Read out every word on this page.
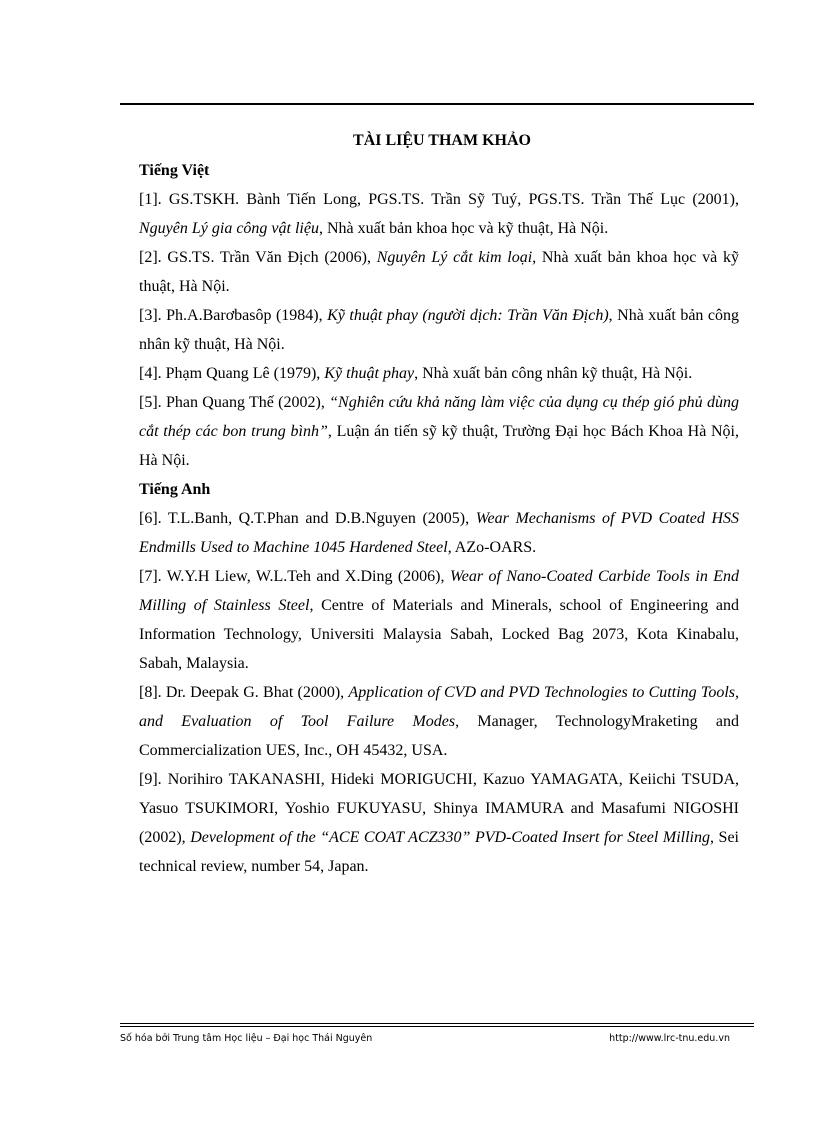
TÀI LIỆU THAM KHẢO
Tiếng Việt
[1]. GS.TSKH. Bành Tiến Long, PGS.TS. Trần Sỹ Tuý, PGS.TS. Trần Thế Lục (2001), Nguyên Lý gia công vật liệu, Nhà xuất bản khoa học và kỹ thuật, Hà Nội.
[2]. GS.TS. Trần Văn Địch (2006), Nguyên Lý cắt kim loại, Nhà xuất bản khoa học và kỹ thuật, Hà Nội.
[3]. Ph.A.Barơbasôp (1984), Kỹ thuật phay (người dịch: Trần Văn Địch), Nhà xuất bản công nhân kỹ thuật, Hà Nội.
[4]. Phạm Quang Lê (1979), Kỹ thuật phay, Nhà xuất bản công nhân kỹ thuật, Hà Nội.
[5]. Phan Quang Thế (2002), “Nghiên cứu khả năng làm việc của dụng cụ thép gió phủ dùng cắt thép các bon trung bình”, Luận án tiến sỹ kỹ thuật, Trường Đại học Bách Khoa Hà Nội, Hà Nội.
Tiếng Anh
[6]. T.L.Banh, Q.T.Phan and D.B.Nguyen (2005), Wear Mechanisms of PVD Coated HSS Endmills Used to Machine 1045 Hardened Steel, AZo-OARS.
[7]. W.Y.H Liew, W.L.Teh and X.Ding (2006), Wear of Nano-Coated Carbide Tools in End Milling of Stainless Steel, Centre of Materials and Minerals, school of Engineering and Information Technology, Universiti Malaysia Sabah, Locked Bag 2073, Kota Kinabalu, Sabah, Malaysia.
[8]. Dr. Deepak G. Bhat (2000), Application of CVD and PVD Technologies to Cutting Tools, and Evaluation of Tool Failure Modes, Manager, TechnologyMraketing and Commercialization UES, Inc., OH 45432, USA.
[9]. Norihiro TAKANASHI, Hideki MORIGUCHI, Kazuo YAMAGATA, Keiichi TSUDA, Yasuo TSUKIMORI, Yoshio FUKUYASU, Shinya IMAMURA and Masafumi NIGOSHI (2002), Development of the “ACE COAT ACZ330” PVD-Coated Insert for Steel Milling, Sei technical review, number 54, Japan.
Số hóa bởi Trung tâm Học liệu – Đại học Thái Nguyên	http://www.lrc-tnu.edu.vn
